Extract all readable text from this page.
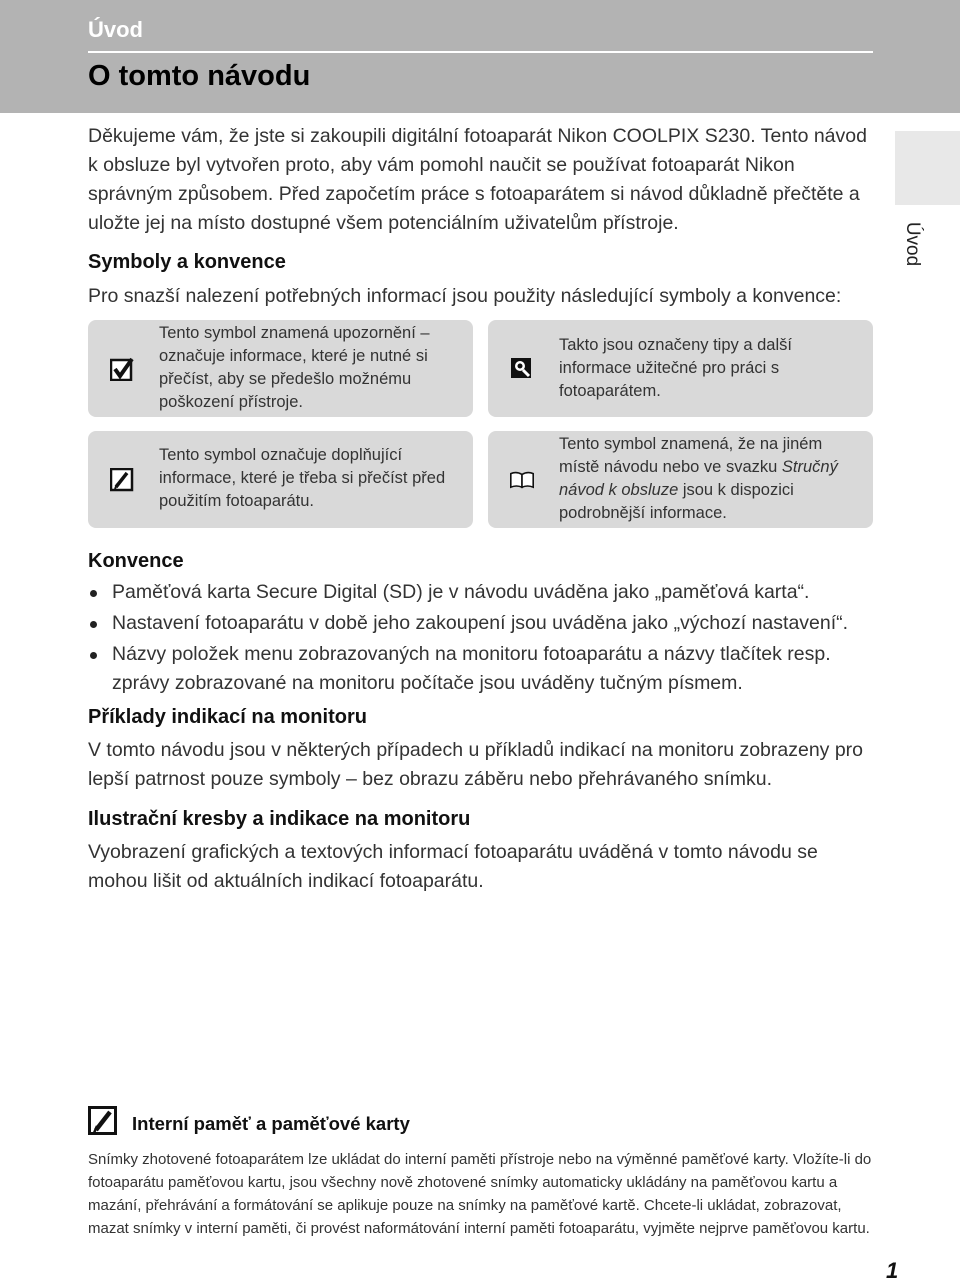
Úvod
O tomto návodu
Úvod
Děkujeme vám, že jste si zakoupili digitální fotoaparát Nikon COOLPIX S230. Tento návod k obsluze byl vytvořen proto, aby vám pomohl naučit se používat fotoaparát Nikon správným způsobem. Před započetím práce s fotoaparátem si návod důkladně přečtěte a uložte jej na místo dostupné všem potenciálním uživatelům přístroje.
Symboly a konvence
Pro snazší nalezení potřebných informací jsou použity následující symboly a konvence:
Tento symbol znamená upozornění – označuje informace, které je nutné si přečíst, aby se předešlo možnému poškození přístroje.
Takto jsou označeny tipy a další informace užitečné pro práci s fotoaparátem.
Tento symbol označuje doplňující informace, které je třeba si přečíst před použitím fotoaparátu.
Tento symbol znamená, že na jiném místě návodu nebo ve svazku Stručný návod k obsluze jsou k dispozici podrobnější informace.
Konvence
Paměťová karta Secure Digital (SD) je v návodu uváděna jako „paměťová karta“.
Nastavení fotoaparátu v době jeho zakoupení jsou uváděna jako „výchozí nastavení“.
Názvy položek menu zobrazovaných na monitoru fotoaparátu a názvy tlačítek resp. zprávy zobrazované na monitoru počítače jsou uváděny tučným písmem.
Příklady indikací na monitoru
V tomto návodu jsou v některých případech u příkladů indikací na monitoru zobrazeny pro lepší patrnost pouze symboly – bez obrazu záběru nebo přehrávaného snímku.
Ilustrační kresby a indikace na monitoru
Vyobrazení grafických a textových informací fotoaparátu uváděná v tomto návodu se mohou lišit od aktuálních indikací fotoaparátu.
Interní paměť a paměťové karty
Snímky zhotovené fotoaparátem lze ukládat do interní paměti přístroje nebo na výměnné paměťové karty. Vložíte-li do fotoaparátu paměťovou kartu, jsou všechny nově zhotovené snímky automaticky ukládány na paměťovou kartu a mazání, přehrávání a formátování se aplikuje pouze na snímky na paměťové kartě. Chcete-li ukládat, zobrazovat, mazat snímky v interní paměti, či provést naformátování interní paměti fotoaparátu, vyjměte nejprve paměťovou kartu.
1
